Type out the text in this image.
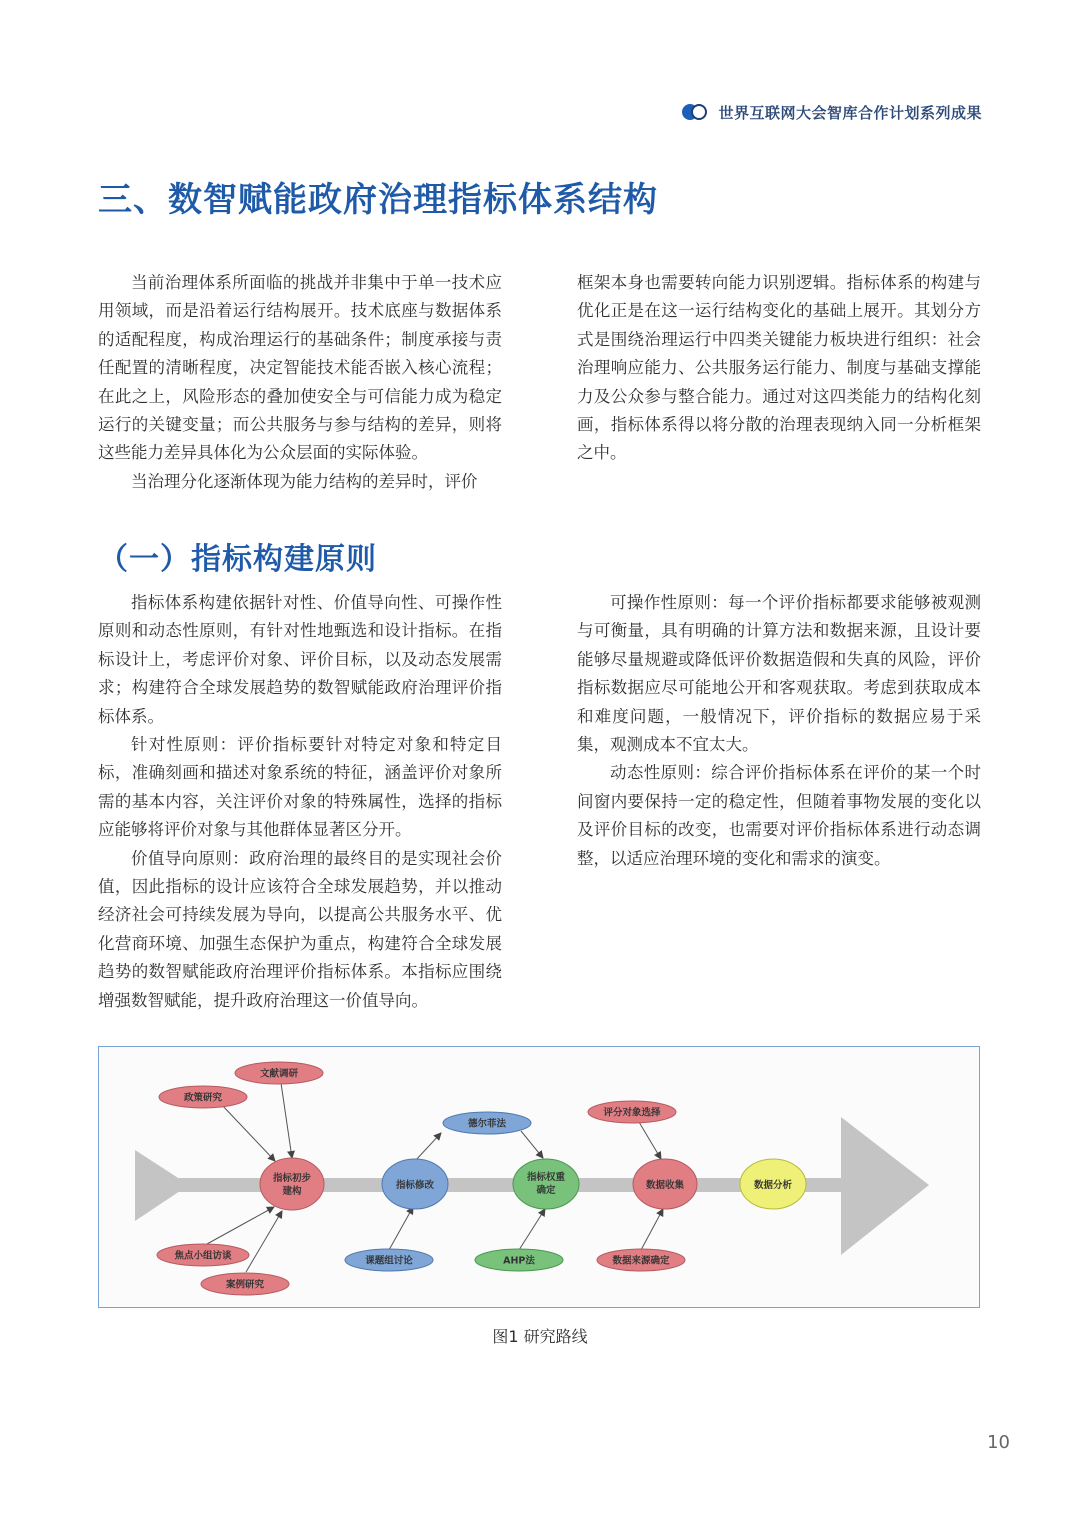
世界互联网大会智库合作计划系列成果
三、数智赋能政府治理指标体系结构

当前治理体系所面临的挑战并非集中于单一技术应用领域，而是沿着运行结构展开。技术底座与数据体系的适配程度，构成治理运行的基础条件；制度承接与责任配置的清晰程度，决定智能技术能否嵌入核心流程；在此之上，风险形态的叠加使安全与可信能力成为稳定运行的关键变量；而公共服务与参与结构的差异，则将这些能力差异具体化为公众层面的实际体验。

当治理分化逐渐体现为能力结构的差异时，评价

框架本身也需要转向能力识别逻辑。指标体系的构建与优化正是在这一运行结构变化的基础上展开。其划分方式是围绕治理运行中四类关键能力板块进行组织：社会治理响应能力、公共服务运行能力、制度与基础支撑能力及公众参与整合能力。通过对这四类能力的结构化刻画，指标体系得以将分散的治理表现纳入同一分析框架之中。

（一）指标构建原则

指标体系构建依据针对性、价值导向性、可操作性原则和动态性原则，有针对性地甄选和设计指标。在指标设计上，考虑评价对象、评价目标，以及动态发展需求；构建符合全球发展趋势的数智赋能政府治理评价指标体系。

针对性原则：评价指标要针对特定对象和特定目标，准确刻画和描述对象系统的特征，涵盖评价对象所需的基本内容，关注评价对象的特殊属性，选择的指标应能够将评价对象与其他群体显著区分开。

价值导向原则：政府治理的最终目的是实现社会价值，因此指标的设计应该符合全球发展趋势，并以推动经济社会可持续发展为导向，以提高公共服务水平、优化营商环境、加强生态保护为重点，构建符合全球发展趋势的数智赋能政府治理评价指标体系。本指标应围绕增强数智赋能，提升政府治理这一价值导向。

可操作性原则：每一个评价指标都要求能够被观测与可衡量，具有明确的计算方法和数据来源，且设计要能够尽量规避或降低评价数据造假和失真的风险，评价指标数据应尽可能地公开和客观获取。考虑到获取成本和难度问题，一般情况下，评价指标的数据应易于采集，观测成本不宜太大。

动态性原则：综合评价指标体系在评价的某一个时间窗内要保持一定的稳定性，但随着事物发展的变化以及评价目标的改变，也需要对评价指标体系进行动态调整，以适应治理环境的变化和需求的演变。

文献调研
政策研究
指标初步
建构
焦点小组访谈
案例研究
评分对象选择
数据收集
数据来源确定
指标修改
课题组讨论
德尔菲法
指标权重
确定
AHP法
数据分析
图1 研究路线
10
